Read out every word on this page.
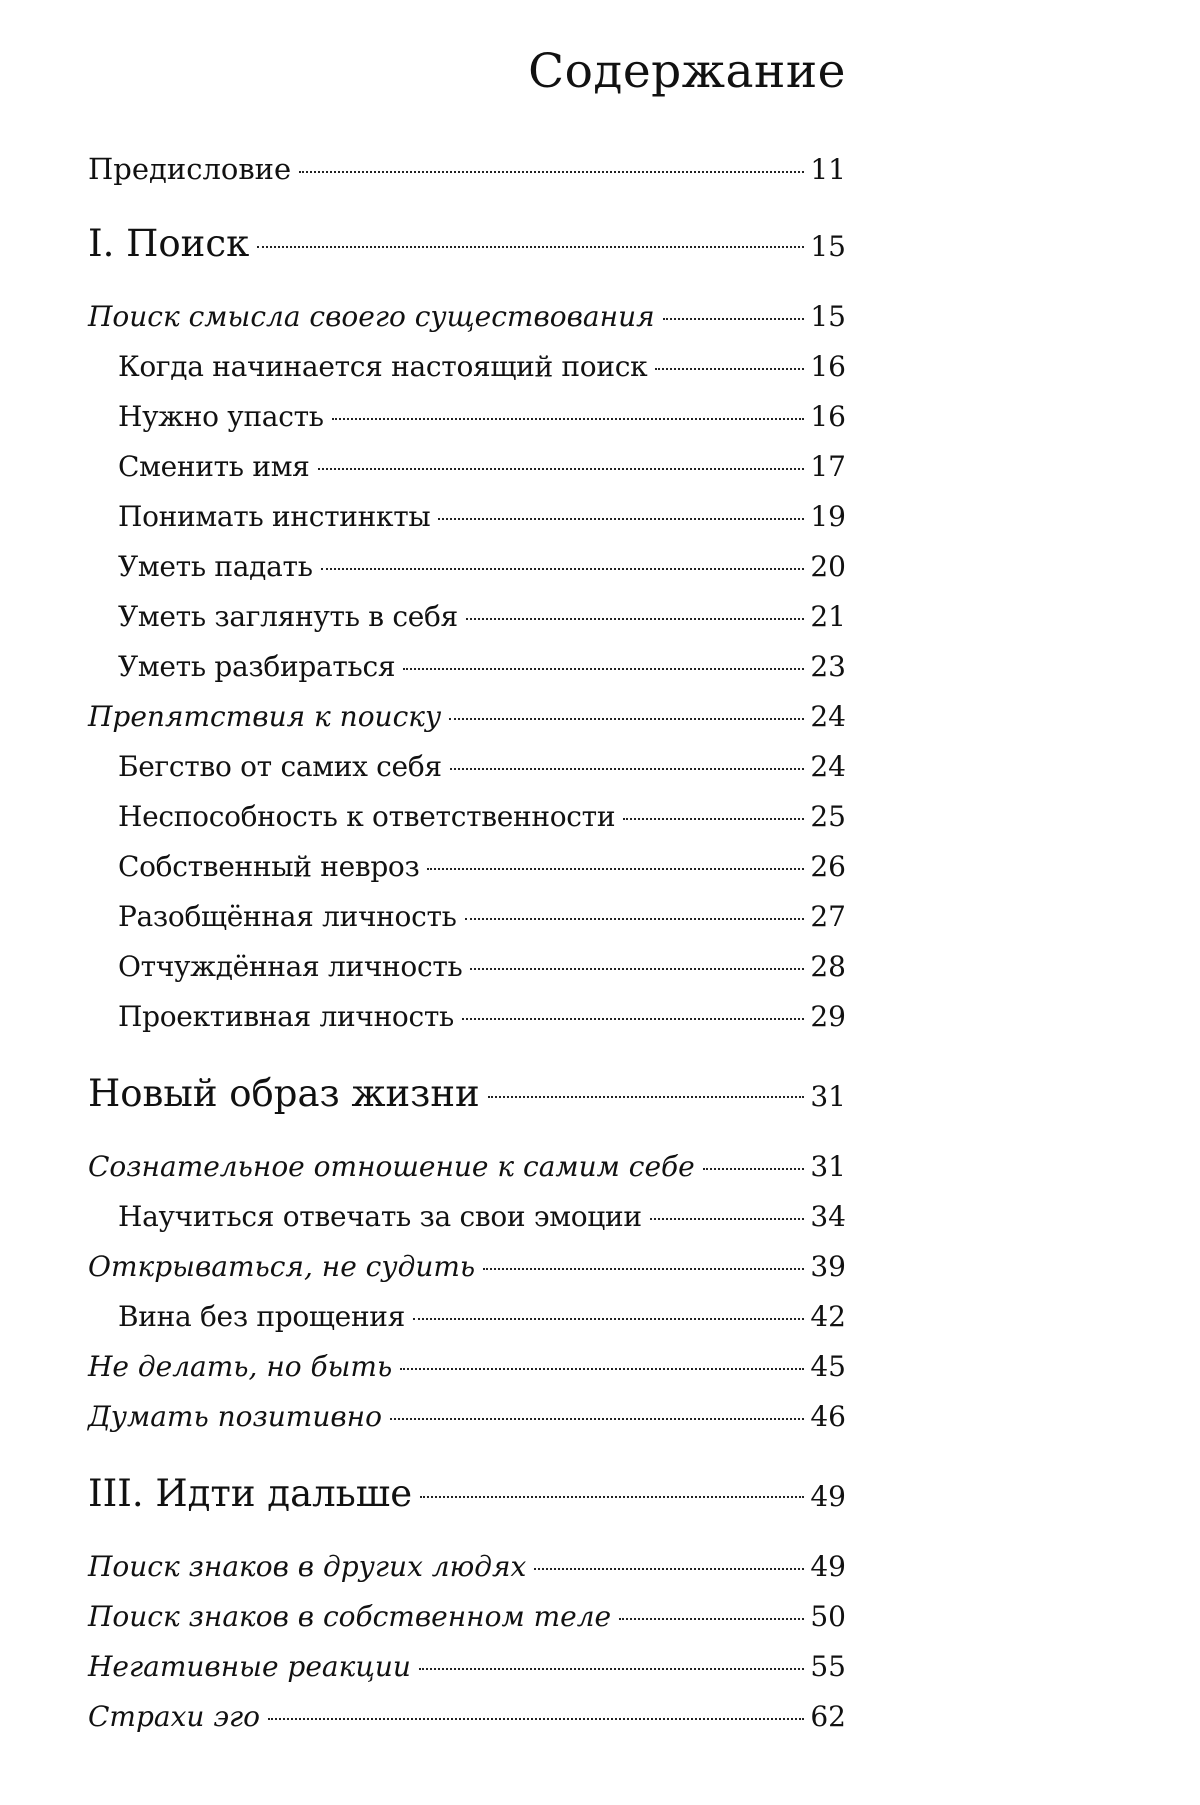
Содержание
Предисловие	11
I. Поиск	15
Поиск смысла своего существования	15
Когда начинается настоящий поиск	16
Нужно упасть	16
Сменить имя	17
Понимать инстинкты	19
Уметь падать	20
Уметь заглянуть в себя	21
Уметь разбираться	23
Препятствия к поиску	24
Бегство от самих себя	24
Неспособность к ответственности	25
Собственный невроз	26
Разобщённая личность	27
Отчуждённая личность	28
Проективная личность	29
Новый образ жизни	31
Сознательное отношение к самим себе	31
Научиться отвечать за свои эмоции	34
Открываться, не судить	39
Вина без прощения	42
Не делать, но быть	45
Думать позитивно	46
III. Идти дальше	49
Поиск знаков в других людях	49
Поиск знаков в собственном теле	50
Негативные реакции	55
Страхи эго	62
